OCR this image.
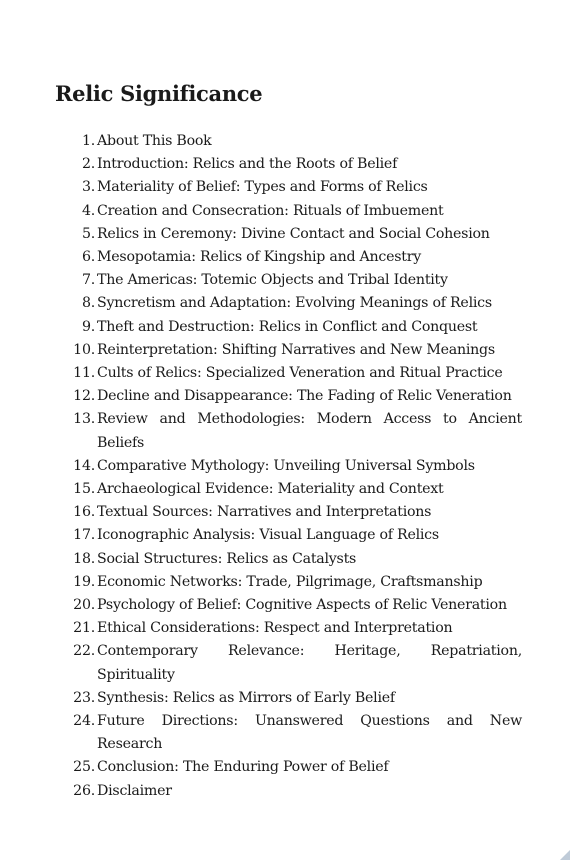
Relic Significance
1. About This Book
2. Introduction: Relics and the Roots of Belief
3. Materiality of Belief: Types and Forms of Relics
4. Creation and Consecration: Rituals of Imbuement
5. Relics in Ceremony: Divine Contact and Social Cohesion
6. Mesopotamia: Relics of Kingship and Ancestry
7. The Americas: Totemic Objects and Tribal Identity
8. Syncretism and Adaptation: Evolving Meanings of Relics
9. Theft and Destruction: Relics in Conflict and Conquest
10. Reinterpretation: Shifting Narratives and New Meanings
11. Cults of Relics: Specialized Veneration and Ritual Practice
12. Decline and Disappearance: The Fading of Relic Veneration
13. Review and Methodologies: Modern Access to Ancient Beliefs
14. Comparative Mythology: Unveiling Universal Symbols
15. Archaeological Evidence: Materiality and Context
16. Textual Sources: Narratives and Interpretations
17. Iconographic Analysis: Visual Language of Relics
18. Social Structures: Relics as Catalysts
19. Economic Networks: Trade, Pilgrimage, Craftsmanship
20. Psychology of Belief: Cognitive Aspects of Relic Veneration
21. Ethical Considerations: Respect and Interpretation
22. Contemporary Relevance: Heritage, Repatriation, Spirituality
23. Synthesis: Relics as Mirrors of Early Belief
24. Future Directions: Unanswered Questions and New Research
25. Conclusion: The Enduring Power of Belief
26. Disclaimer
